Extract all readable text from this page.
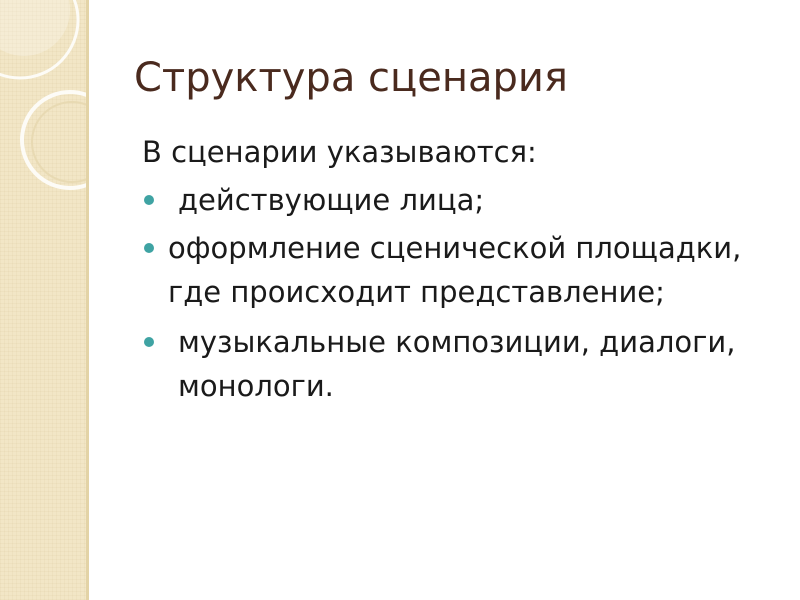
Структура сценария
В сценарии указываются:
действующие лица;
оформление сценической площадки, где происходит представление;
музыкальные композиции, диалоги, монологи.
